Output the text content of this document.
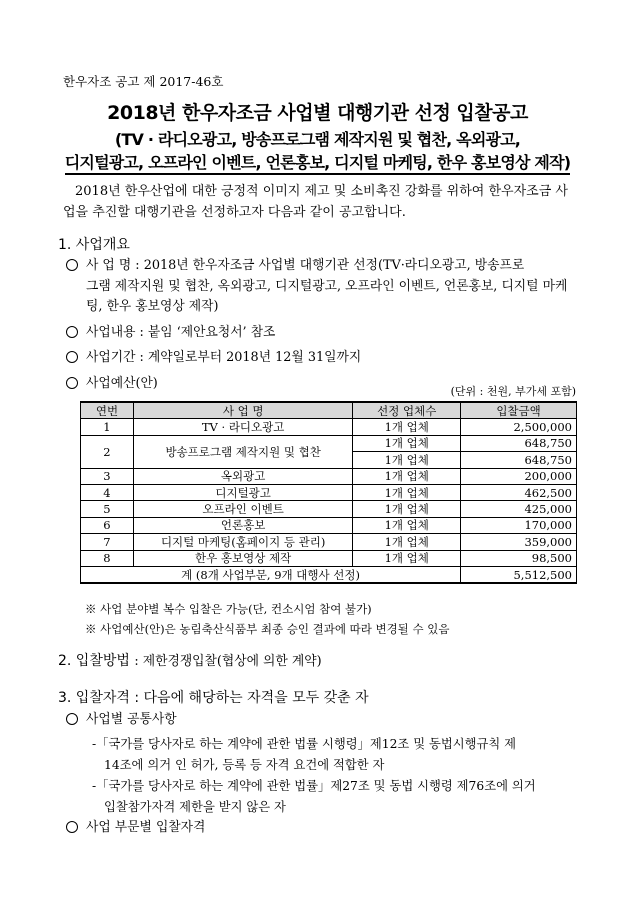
한우자조 공고 제 2017-46호
2018년 한우자조금 사업별 대행기관 선정 입찰공고
(TV · 라디오광고, 방송프로그램 제작지원 및 협찬, 옥외광고,
디지털광고, 오프라인 이벤트, 언론홍보, 디지털 마케팅, 한우 홍보영상 제작)
2018년 한우산업에 대한 긍정적 이미지 제고 및 소비촉진 강화를 위하여 한우자조금 사업을 추진할 대행기관을 선정하고자 다음과 같이 공고합니다.
1. 사업개요
사 업 명 : 2018년 한우자조금 사업별 대행기관 선정(TV·라디오광고, 방송프로
그램 제작지원 및 협찬, 옥외광고, 디지털광고, 오프라인 이벤트, 언론홍보, 디지털 마케팅, 한우 홍보영상 제작)
사업내용 : 붙임 ‘제안요청서’ 참조
사업기간 : 계약일로부터 2018년 12월 31일까지
사업예산(안)
(단위 : 천원, 부가세 포함)
연번	사 업 명	선정 업체수	입찰금액
1	TV · 라디오광고	1개 업체	2,500,000
2	방송프로그램 제작지원 및 협찬	1개 업체	648,750
		1개 업체	648,750
3	옥외광고	1개 업체	200,000
4	디지털광고	1개 업체	462,500
5	오프라인 이벤트	1개 업체	425,000
6	언론홍보	1개 업체	170,000
7	디지털 마케팅(홈페이지 등 관리)	1개 업체	359,000
8	한우 홍보영상 제작	1개 업체	98,500
계 (8개 사업부문, 9개 대행사 선정)			5,512,500
※ 사업 분야별 복수 입찰은 가능(단, 컨소시엄 참여 불가)
※ 사업예산(안)은 농림축산식품부 최종 승인 결과에 따라 변경될 수 있음
2. 입찰방법 : 제한경쟁입찰(협상에 의한 계약)
3. 입찰자격 : 다음에 해당하는 자격을 모두 갖춘 자
사업별 공통사항
-「국가를 당사자로 하는 계약에 관한 법률 시행령」제12조 및 동법시행규칙 제
14조에 의거 인 허가, 등록 등 자격 요건에 적합한 자
-「국가를 당사자로 하는 계약에 관한 법률」제27조 및 동법 시행령 제76조에 의거
입찰참가자격 제한을 받지 않은 자
사업 부문별 입찰자격
